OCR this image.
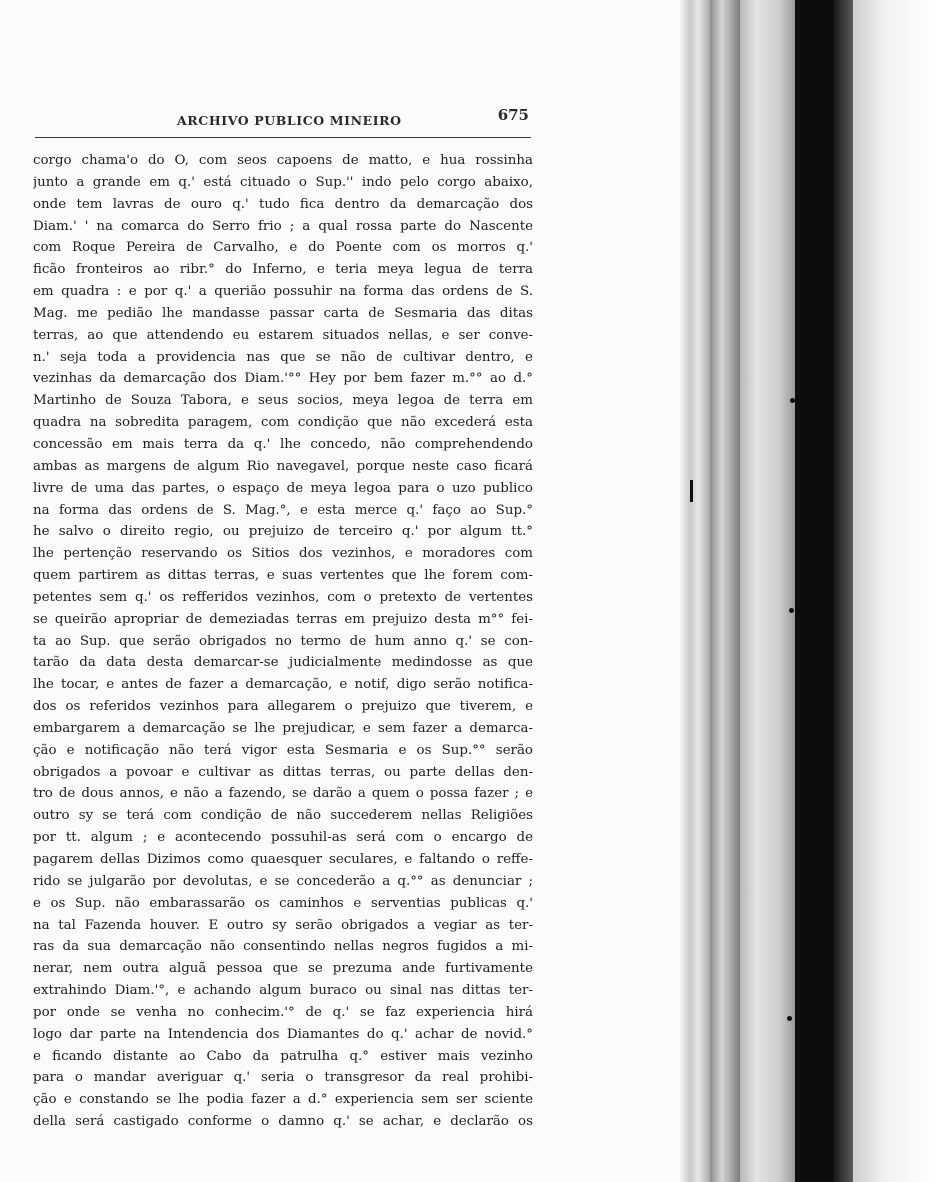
ARCHIVO PUBLICO MINEIRO	675
corgo chama'o do O, com seos capoens de matto, e hua rossinha
junto a grande em q.' está cituado o Sup.'' indo pelo corgo abaixo,
onde tem lavras de ouro q.' tudo fica dentro da demarcação dos
Diam.' ' na comarca do Serro frio ; a qual rossa parte do Nascente
com Roque Pereira de Carvalho, e do Poente com os morros q.'
ficão fronteiros ao ribr.° do Inferno, e teria meya legua de terra
em quadra : e por q.' a querião possuhir na forma das ordens de S.
Mag. me pedião lhe mandasse passar carta de Sesmaria das ditas
terras, ao que attendendo eu estarem situados nellas, e ser conve-
n.' seja toda a providencia nas que se não de cultivar dentro, e
vezinhas da demarcação dos Diam.'°° Hey por bem fazer m.°° ao d.°
Martinho de Souza Tabora, e seus socios, meya legoa de terra em
quadra na sobredita paragem, com condição que não excederá esta
concessão em mais terra da q.' lhe concedo, não comprehendendo
ambas as margens de algum Rio navegavel, porque neste caso ficará
livre de uma das partes, o espaço de meya legoa para o uzo publico
na forma das ordens de S. Mag.°, e esta merce q.' faço ao Sup.°
he salvo o direito regio, ou prejuizo de terceiro q.' por algum tt.°
lhe pertenção reservando os Sitios dos vezinhos, e moradores com
quem partirem as dittas terras, e suas vertentes que lhe forem com-
petentes sem q.' os refferidos vezinhos, com o pretexto de vertentes
se queirão apropriar de demeziadas terras em prejuizo desta m°° fei-
ta ao Sup. que serão obrigados no termo de hum anno q.' se con-
tarão da data desta demarcar-se judicialmente medindosse as que
lhe tocar, e antes de fazer a demarcação, e notif, digo serão notifica-
dos os referidos vezinhos para allegarem o prejuizo que tiverem, e
embargarem a demarcação se lhe prejudicar, e sem fazer a demarca-
ção e notificação não terá vigor esta Sesmaria e os Sup.°° serão
obrigados a povoar e cultivar as dittas terras, ou parte dellas den-
tro de dous annos, e não a fazendo, se darão a quem o possa fazer ; e
outro sy se terá com condição de não succederem nellas Religiões
por tt. algum ; e acontecendo possuhil-as será com o encargo de
pagarem dellas Dizimos como quaesquer seculares, e faltando o reffe-
rido se julgarão por devolutas, e se concederão a q.°° as denunciar ;
e os Sup. não embarassarão os caminhos e serventias publicas q.'
na tal Fazenda houver. E outro sy serão obrigados a vegiar as ter-
ras da sua demarcação não consentindo nellas negros fugidos a mi-
nerar, nem outra alguã pessoa que se prezuma ande furtivamente
extrahindo Diam.'°, e achando algum buraco ou sinal nas dittas ter-
por onde se venha no conhecim.'° de q.' se faz experiencia hirá
logo dar parte na Intendencia dos Diamantes do q.' achar de novid.°
e ficando distante ao Cabo da patrulha q.° estiver mais vezinho
para o mandar averiguar q.' seria o transgresor da real prohibi-
ção e constando se lhe podia fazer a d.° experiencia sem ser sciente
della será castigado conforme o damno q.' se achar, e declarão os
